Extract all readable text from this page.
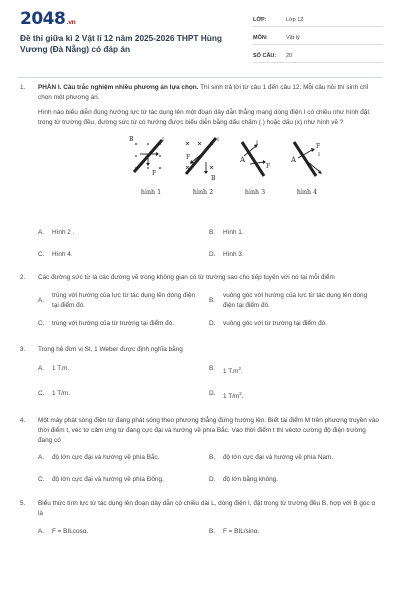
2048.vn
Đề thi giữa kì 2 Vật lí 12 năm 2025-2026 THPT Hùng Vương (Đà Nẵng) có đáp án
LỚP:	Lớp 12
MÔN:	Vật lý
SỐ CÂU:	20
1. PHẦN I. Câu trắc nghiệm nhiều phương án lựa chọn. Thí sinh trả lời từ câu 1 đến câu 12. Mỗi câu hỏi thí sinh chỉ chọn một phương án.
Hình nào biểu diễn đúng hướng lực từ tác dụng lên một đoạn dây dẫn thẳng mang dòng điện I có chiều như hình đặt trong từ trường đều, đường sức từ có hướng được biểu diễn bằng dấu chấm (.) hoặc dấu (x) như hình vẽ ?
B
F
I
hình 1
B
F
I
hình 2
A
I
F
hình 3
A
F
I
hình 4
A.	Hình 2 .	B.	Hình 1.
C.	Hình 4.	D.	Hình 3.
2. Các đường sức từ là các đường vẽ trong không gian có từ trường sao cho tiếp tuyến với nó tại mỗi điểm
A.
trùng với hướng của lực từ tác dụng lên dòng điện tại điểm đó.
B.
vuông góc với hướng của lực từ tác dụng lên dòng điện tại điểm đó.
C.	trùng với hướng của từ trường tại điểm đó.	D.	vuông góc với từ trường tại điểm đó.
3. Trong hệ đơn vị SI, 1 Weber được định nghĩa bằng
A.	1 T.m.	B.	1 $T.m^2$.
C.	1 T/m.	D.	1 $T/m^2$.
4. Một máy phát sóng điện từ đang phát sóng theo phương thẳng đứng hướng lên. Biết tại điểm M trên phương truyền vào thời điểm t, véc tơ cảm ứng từ đang cực đại và hướng về phía Bắc. Vào thời điểm t thì véctơ cường độ điện trường đang có
A.	độ lớn cực đại và hướng về phía Bắc.	B.	độ lớn cực đại và hướng về phía Nam.
C.	độ lớn cực đại và hướng về phía Đông.	D.	độ lớn bằng không.
5. Biểu thức tính lực từ tác dụng lên đoạn dây dẫn có chiều dài L, dòng điện I, đặt trong từ trường đều B, hợp với B góc α là
A.	F = BILcosα.	B.	F = BIL/sinα.
